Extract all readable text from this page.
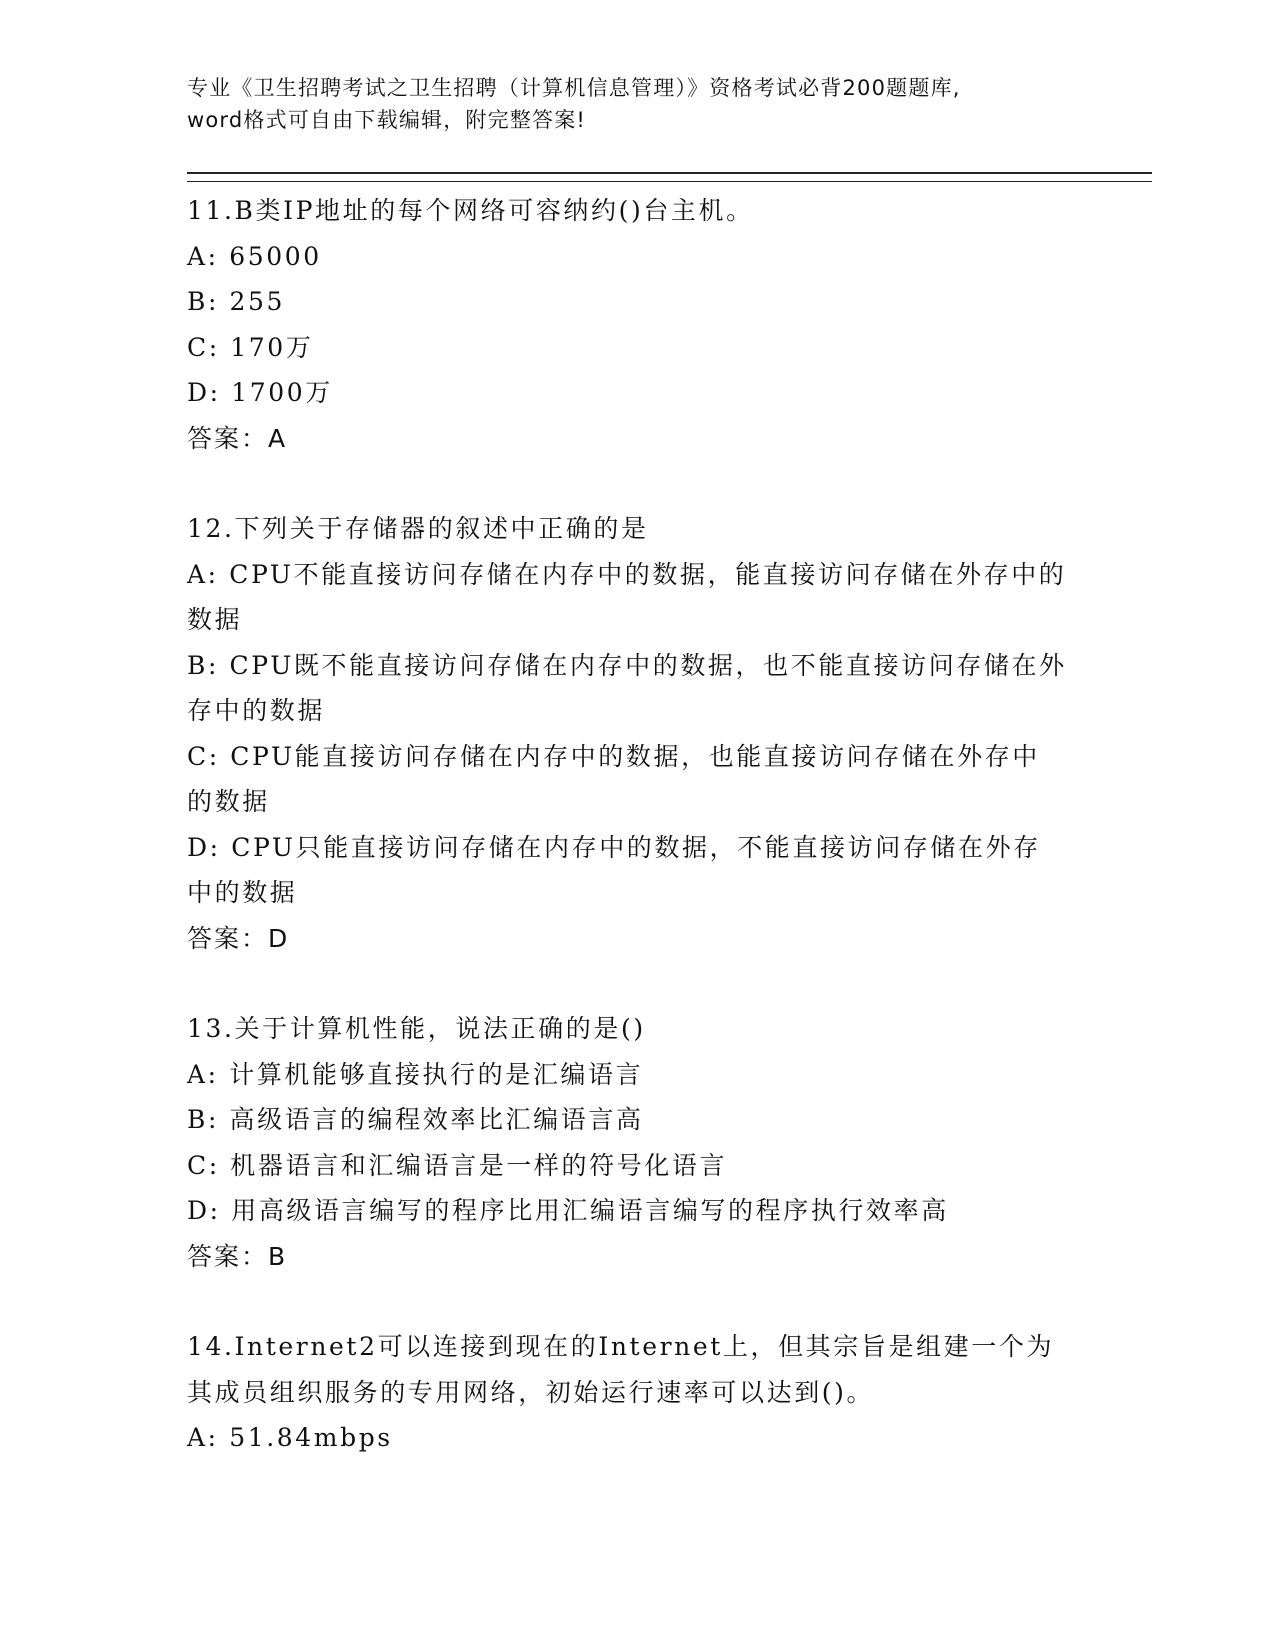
专业《卫生招聘考试之卫生招聘（计算机信息管理）》资格考试必背200题题库,
word格式可自由下载编辑，附完整答案!

11.B类IP地址的每个网络可容纳约()台主机。

A: 65000

B: 255

C: 170万

D: 1700万

答案：A

12.下列关于存储器的叙述中正确的是

A: CPU不能直接访问存储在内存中的数据，能直接访问存储在外存中的数据

B: CPU既不能直接访问存储在内存中的数据，也不能直接访问存储在外存中的数据

C: CPU能直接访问存储在内存中的数据，也能直接访问存储在外存中的数据

D: CPU只能直接访问存储在内存中的数据，不能直接访问存储在外存中的数据

答案：D

13.关于计算机性能，说法正确的是()

A: 计算机能够直接执行的是汇编语言

B: 高级语言的编程效率比汇编语言高

C: 机器语言和汇编语言是一样的符号化语言

D: 用高级语言编写的程序比用汇编语言编写的程序执行效率高

答案：B

14.Internet2可以连接到现在的Internet上，但其宗旨是组建一个为其成员组织服务的专用网络，初始运行速率可以达到()。

A: 51.84mbps
